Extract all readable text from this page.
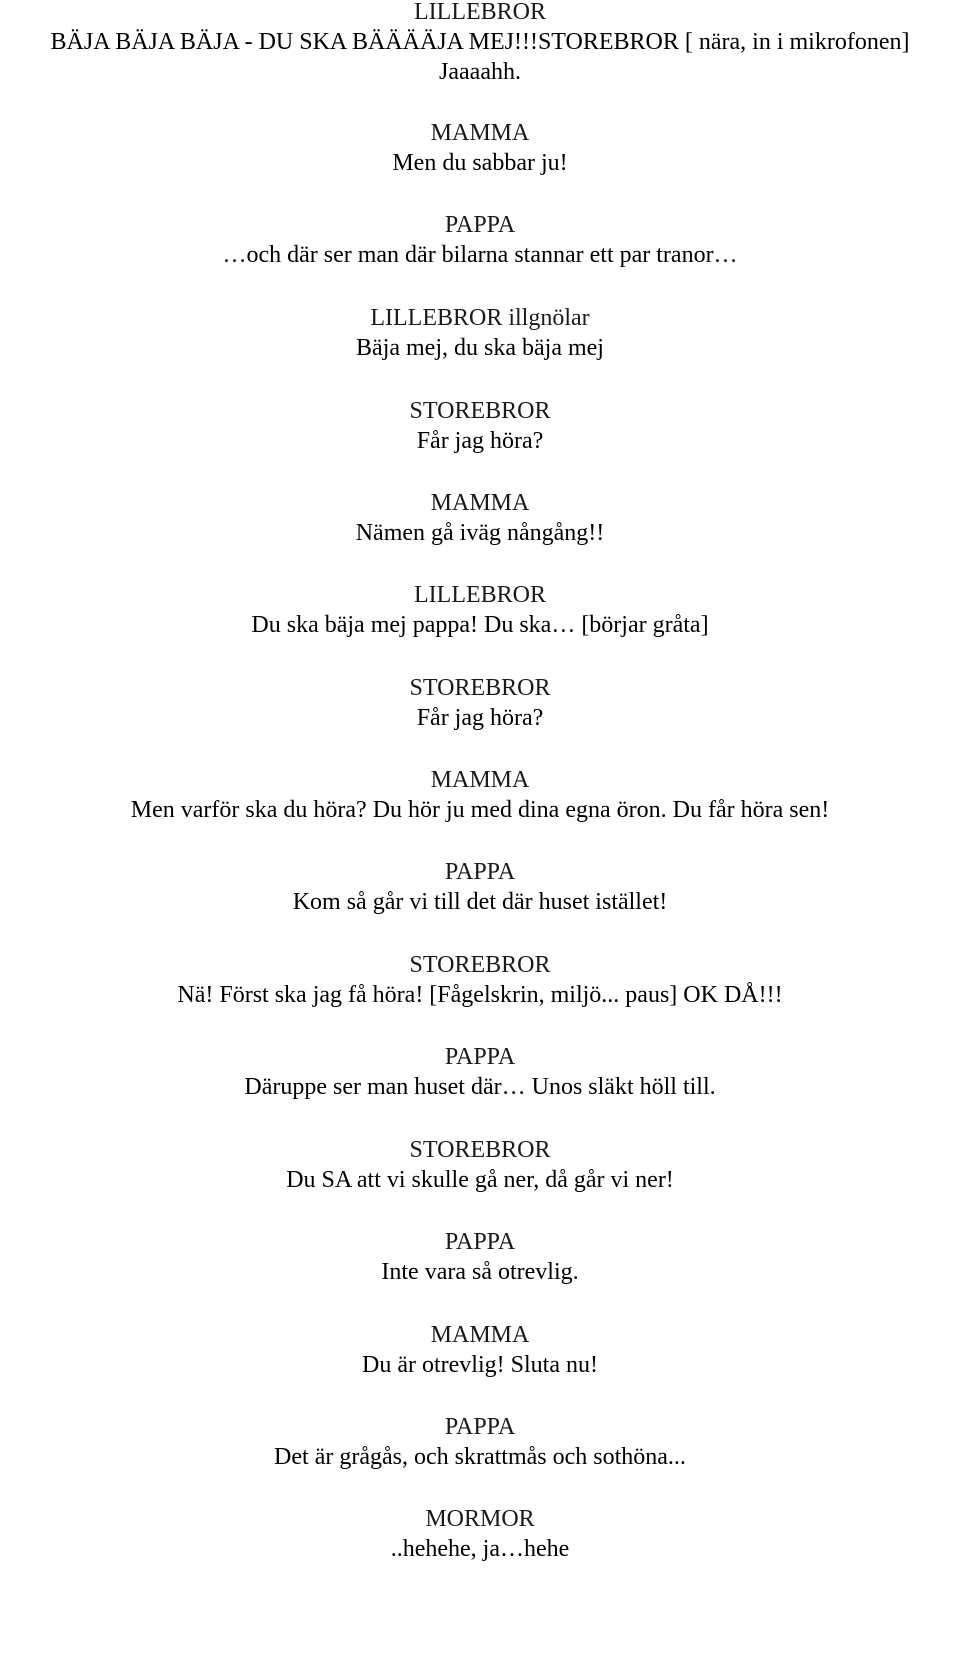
LILLEBROR
BÄJA BÄJA BÄJA - DU SKA BÄÄÄÄJA MEJ!!!STOREBROR [ nära, in i mikrofonen]
Jaaaahh.
MAMMA
Men du sabbar ju!
PAPPA
…och där ser man där bilarna stannar ett par tranor…
LILLEBROR illgnölar
Bäja mej, du ska bäja mej
STOREBROR
Får jag höra?
MAMMA
Nämen gå iväg nångång!!
LILLEBROR
Du ska bäja mej pappa! Du ska… [börjar gråta]
STOREBROR
Får jag höra?
MAMMA
Men varför ska du höra? Du hör ju med dina egna öron. Du får höra sen!
PAPPA
Kom så går vi till det där huset istället!
STOREBROR
Nä! Först ska jag få höra! [Fågelskrin, miljö... paus] OK DÅ!!!
PAPPA
Däruppe ser man huset där… Unos släkt höll till.
STOREBROR
Du SA att vi skulle gå ner, då går vi ner!
PAPPA
Inte vara så otrevlig.
MAMMA
Du är otrevlig! Sluta nu!
PAPPA
Det är grågås, och skrattmås och sothöna...
MORMOR
..hehehe, ja…hehe
